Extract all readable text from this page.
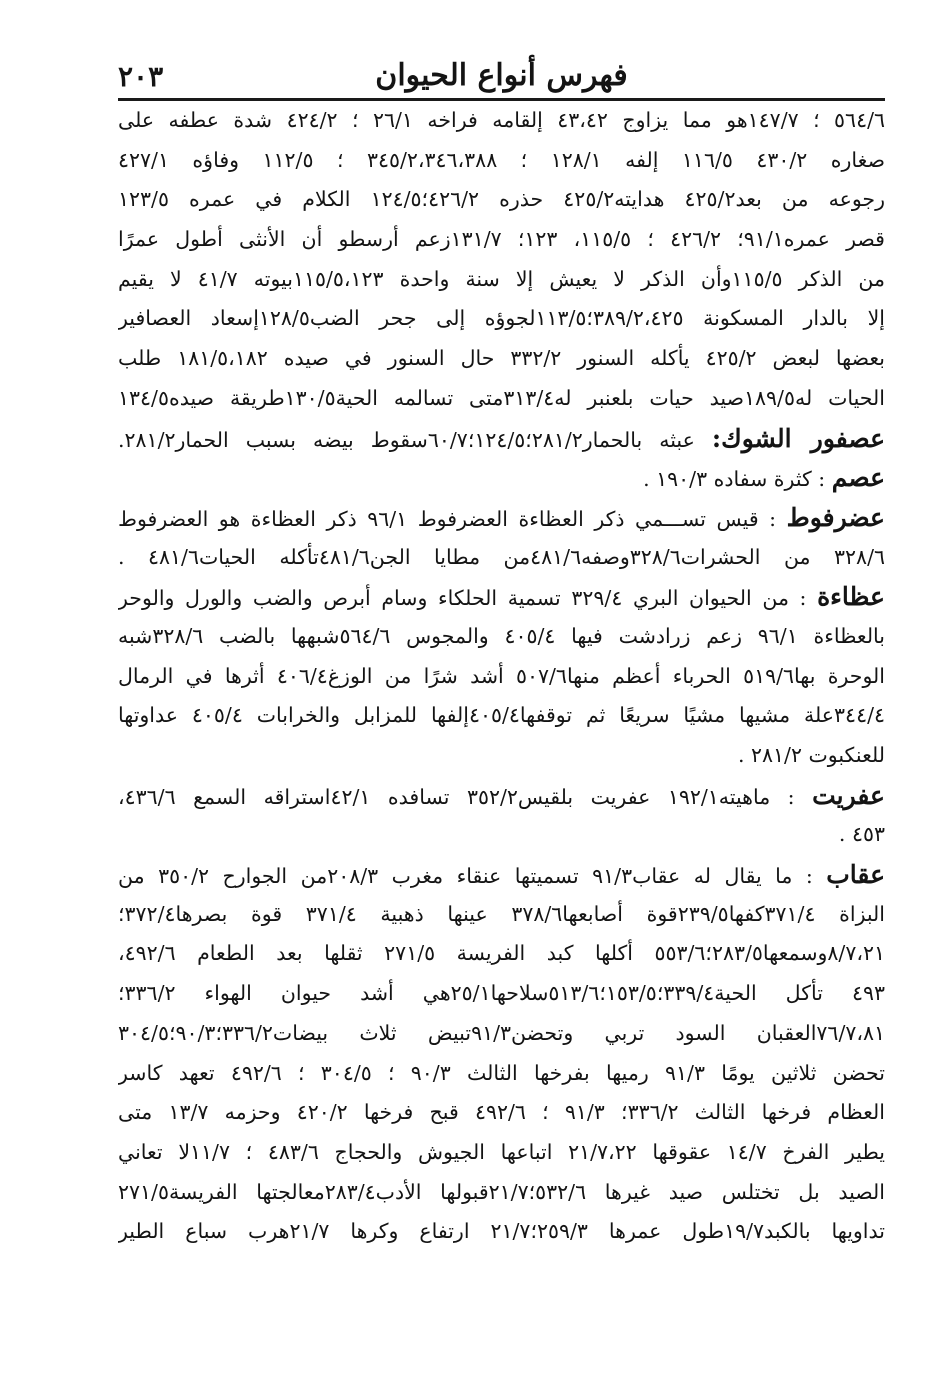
فهرس أنواع الحيوان
٢٠٣
٥٦٤/٦ ؛ ١٤٧/٧هو مما يزاوج ٤٣،٤٢ إلقامه فراخه ٢٦/١ ؛ ٤٢٤/٢ شدة عطفه على
صغاره ٤٣٠/٢ ١١٦/٥ إلفه ١٢٨/١ ؛ ٣٤٥/٢،٣٤٦،٣٨٨ ؛ ١١٢/٥ وفاؤه ٤٢٧/١
رجوعه من بعد٤٢٥/٢ هدايته٤٢٥/٢ حذره ٤٢٦/٢؛١٢٤/٥ الكلام في عمره ١٢٣/٥
قصر عمره٩١/١؛ ٤٢٦/٢ ؛ ١١٥/٥، ١٢٣؛ ١٣١/٧زعم أرسطو أن الأنثى أطول عمرًا
من الذكر ١١٥/٥وأن الذكر لا يعيش إلا سنة واحدة ١١٥/٥،١٢٣بيوته ٤١/٧ لا يقيم
إلا بالدار المسكونة ٣٨٩/٢،٤٢٥؛١١٣/٥لجوؤه إلى جحر الضب١٢٨/٥إسعاد العصافير
بعضها لبعض ٤٢٥/٢ يأكله السنور ٣٣٢/٢ حال السنور في صيده ١٨١/٥،١٨٢ طلب
الحيات له١٨٩/٥صيد حيات بلعنبر له٣١٣/٤متى تسالمه الحية١٣٠/٥طريقة صيده١٣٤/٥
عصفور الشوك: عبثه بالحمار٢٨١/٢؛١٢٤/٥؛٦٠/٧سقوط بيضه بسبب الحمار٢٨١/٢.
عصم : كثرة سفاده ١٩٠/٣ .
عضرفوط : قيس تســـمي ذكر العظاءة العضرفوط ٩٦/١ ذكر العظاءة هو العضرفوط
٣٢٨/٦ من الحشرات٣٢٨/٦وصفه٤٨١/٦من مطايا الجن٤٨١/٦تأكله الحيات٤٨١/٦ .
عظاءة : من الحيوان البري ٣٢٩/٤ تسمية الحلكاء وسام أبرص والضب والورل والوحر
بالعظاءة ٩٦/١ زعم زرادشت فيها ٤٠٥/٤ والمجوس ٥٦٤/٦شبهها بالضب ٣٢٨/٦شبه
الوحرة بها٥١٩/٦ الحرباء أعظم منها٥٠٧/٦ أشد شرًا من الوزغ٤٠٦/٤ أثرها في الرمال
٣٤٤/٤علة مشيها مشيًا سريعًا ثم توقفها٤٠٥/٤إلفها للمزابل والخرابات ٤٠٥/٤ عداوتها
للعنكبوت ٢٨١/٢ .
عفريت : ماهيته١٩٢/١ عفريت بلقيس٣٥٢/٢ تسافده ٤٢/١استراقه السمع ٤٣٦/٦،
٤٥٣ .
عقاب : ما يقال له عقاب٩١/٣ تسميتها عنقاء مغرب ٢٠٨/٣من الجوارح ٣٥٠/٢ من
البزاة ٣٧١/٤كفها٢٣٩/٥قوة أصابعها٣٧٨/٦ عينها ذهبية ٣٧١/٤ قوة بصرها٣٧٢/٤؛
٨/٧،٢١وسمعها٢٨٣/٥؛٥٥٣/٦ أكلها كبد الفريسة ٢٧١/٥ ثقلها بعد الطعام ٤٩٢/٦،
٤٩٣ تأكل الحية٣٣٩/٤؛١٥٣/٥؛٥١٣/٦سلاحها٢٥/١هي أشد حيوان الهواء ٣٣٦/٢؛
٧٦/٧،٨١العقبان السود تربي وتحضن٩١/٣تبيض ثلاث بيضات٣٣٦/٢؛٩٠/٣؛٣٠٤/٥
تحضن ثلاثين يومًا ٩١/٣ رميها بفرخها الثالث ٩٠/٣ ؛ ٣٠٤/٥ ؛ ٤٩٢/٦ تعهد كاسر
العظام فرخها الثالث ٣٣٦/٢؛ ٩١/٣ ؛ ٤٩٢/٦ قبح فرخها ٤٢٠/٢ وحزمه ١٣/٧ متى
يطير الفرخ ١٤/٧ عقوقها ٢١/٧،٢٢ اتباعها الجيوش والحجاج ٤٨٣/٦ ؛ ١١/٧لا تعاني
الصيد بل تختلس صيد غيرها ٥٣٢/٦؛٢١/٧قبولها الأدب٢٨٣/٤معالجتها الفريسة٢٧١/٥
تداويها بالكبد١٩/٧طول عمرها ٢٥٩/٣؛٢١/٧ ارتفاع وكرها ٢١/٧هرب سباع الطير
